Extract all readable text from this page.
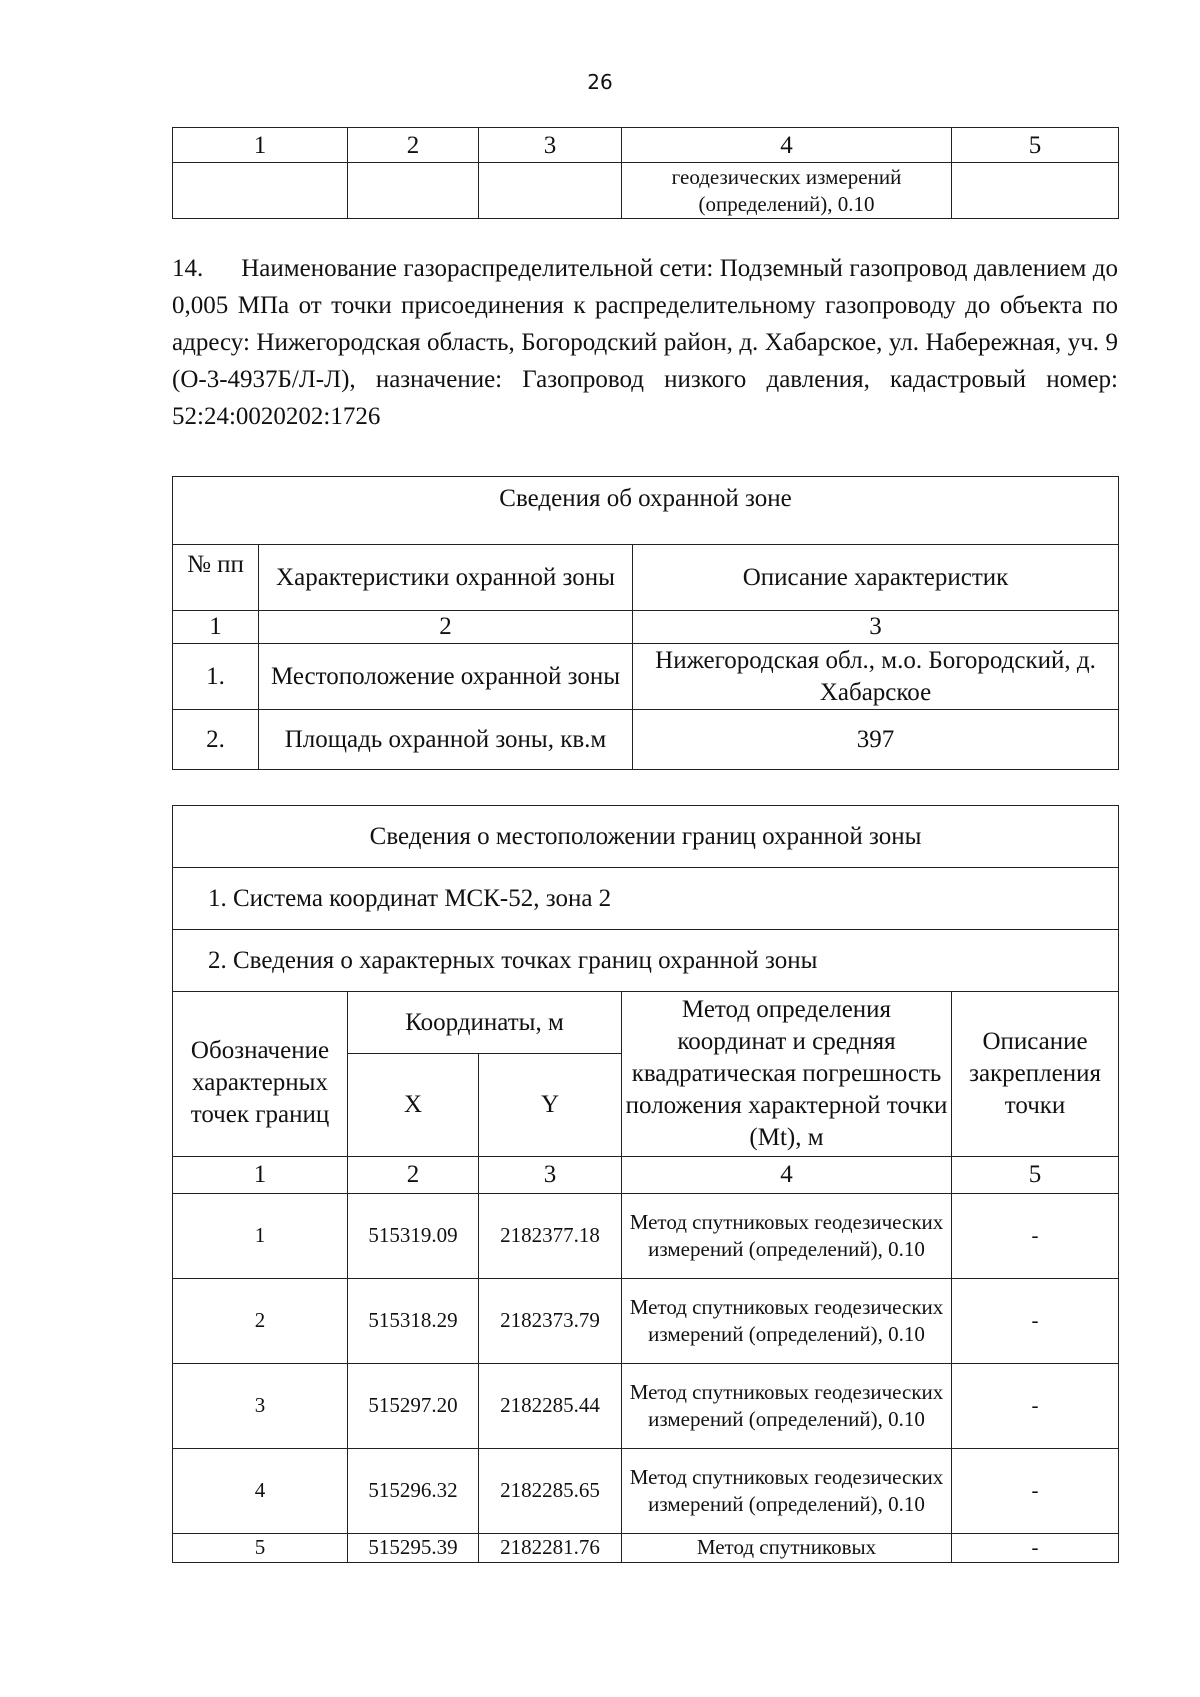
26
1	2	3	4	5
			геодезических измерений (определений), 0.10	
14. Наименование газораспределительной сети: Подземный газопровод давлением до 0,005 МПа от точки присоединения к распределительному газопроводу до объекта по адресу: Нижегородская область, Богородский район, д. Хабарское, ул. Набережная, уч. 9 (О-3-4937Б/Л-Л), назначение: Газопровод низкого давления, кадастровый номер: 52:24:0020202:1726
Сведения об охранной зоне		
№ пп	Характеристики охранной зоны	Описание характеристик
1	2	3
1.	Местоположение охранной зоны	Нижегородская обл., м.о. Богородский, д. Хабарское
2.	Площадь охранной зоны, кв.м	397
Сведения о местоположении границ охранной зоны				
1. Система координат МСК-52, зона 2				
2. Сведения о характерных точках границ охранной зоны				
Обозначение характерных точек границ	Координаты, м		Метод определения координат и средняя квадратическая погрешность положения характерной точки (Mt), м	Описание закрепления точки
	X	Y		
1	2	3	4	5
1	515319.09	2182377.18	Метод спутниковых геодезических измерений (определений), 0.10	-
2	515318.29	2182373.79	Метод спутниковых геодезических измерений (определений), 0.10	-
3	515297.20	2182285.44	Метод спутниковых геодезических измерений (определений), 0.10	-
4	515296.32	2182285.65	Метод спутниковых геодезических измерений (определений), 0.10	-
5	515295.39	2182281.76	Метод спутниковых	-
